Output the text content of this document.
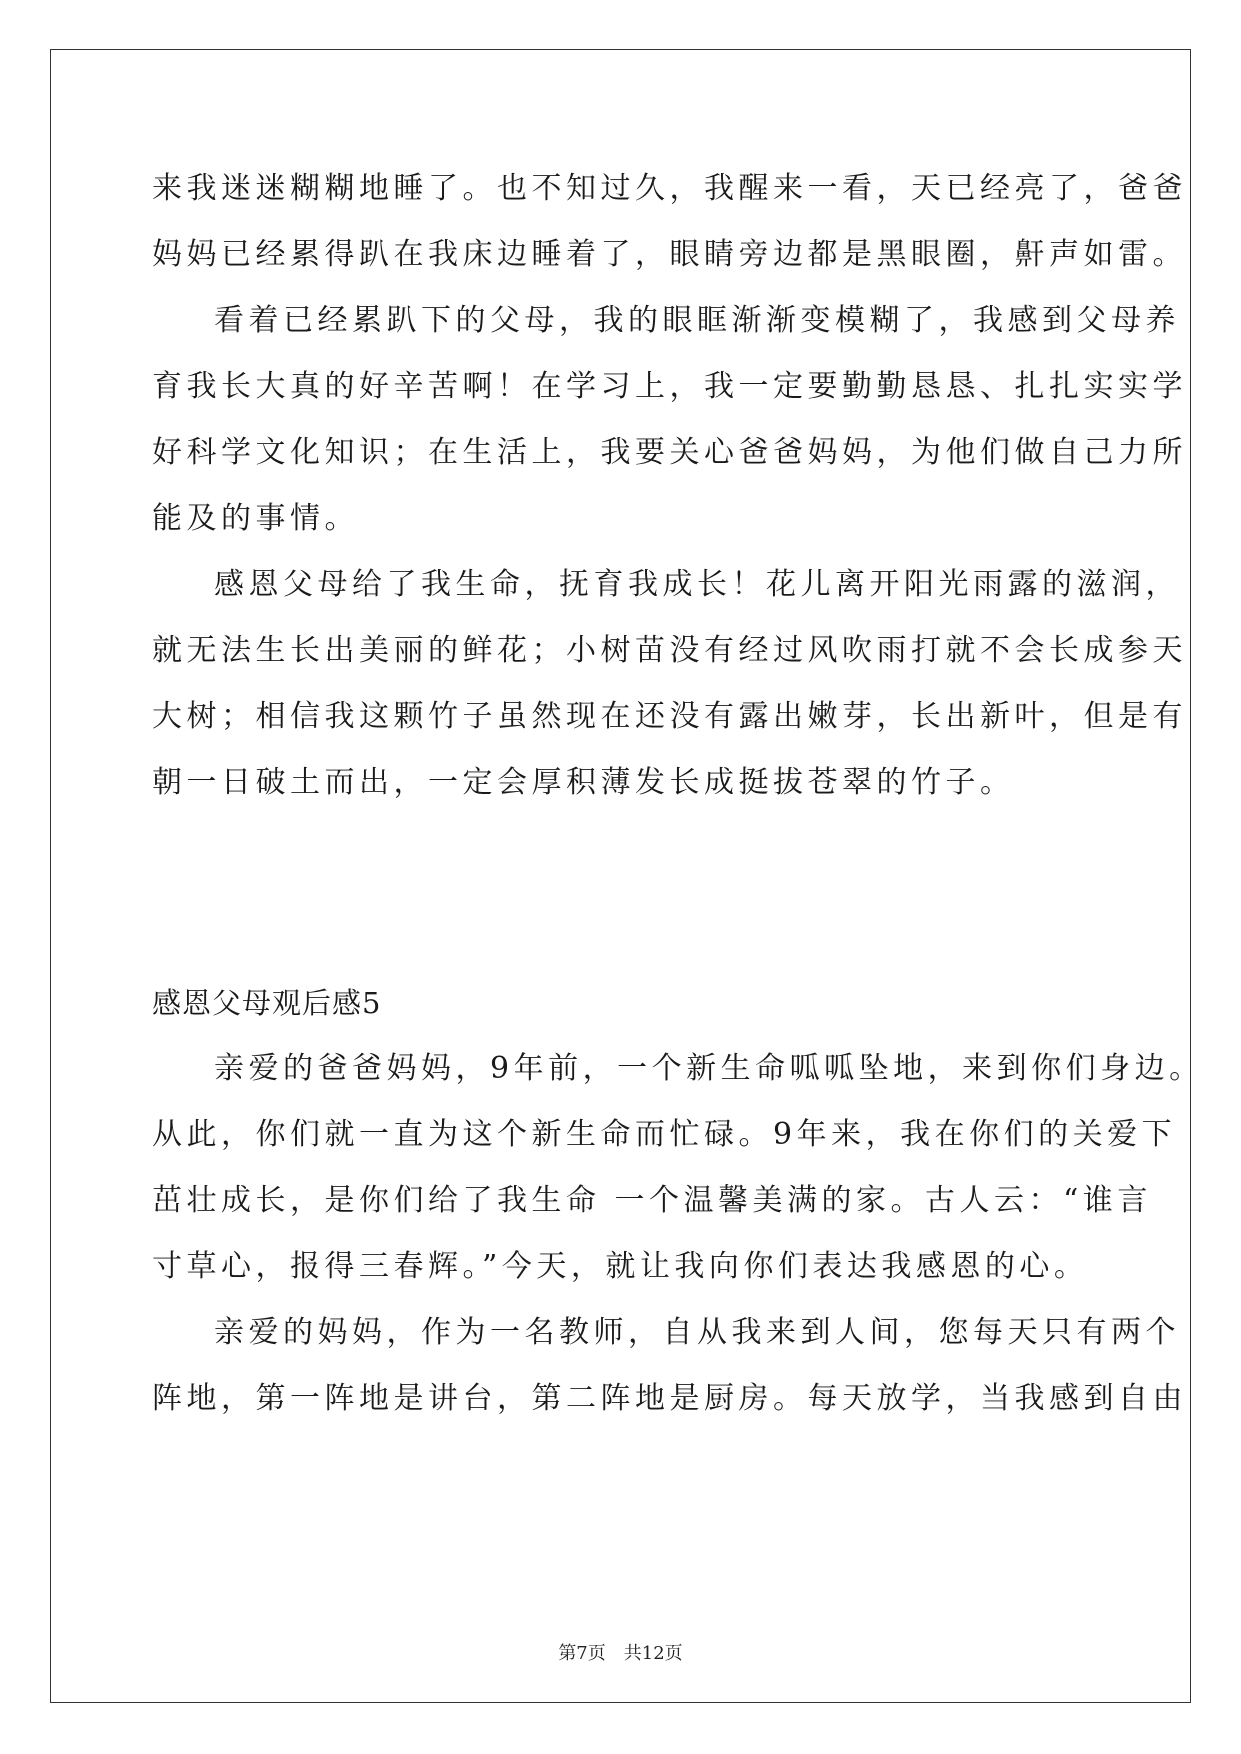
来我迷迷糊糊地睡了。也不知过久，我醒来一看，天已经亮了，爸爸
妈妈已经累得趴在我床边睡着了，眼睛旁边都是黑眼圈，鼾声如雷。
看着已经累趴下的父母，我的眼眶渐渐变模糊了，我感到父母养
育我长大真的好辛苦啊！在学习上，我一定要勤勤恳恳、扎扎实实学
好科学文化知识；在生活上，我要关心爸爸妈妈，为他们做自己力所
能及的事情。
感恩父母给了我生命，抚育我成长！花儿离开阳光雨露的滋润，
就无法生长出美丽的鲜花；小树苗没有经过风吹雨打就不会长成参天
大树；相信我这颗竹子虽然现在还没有露出嫩芽，长出新叶，但是有
朝一日破土而出，一定会厚积薄发长成挺拔苍翠的竹子。
感恩父母观后感5
亲爱的爸爸妈妈，9年前，一个新生命呱呱坠地，来到你们身边。
从此，你们就一直为这个新生命而忙碌。9年来，我在你们的关爱下
茁壮成长，是你们给了我生命 一个温馨美满的家。古人云：“谁言
寸草心，报得三春辉。”今天，就让我向你们表达我感恩的心。
亲爱的妈妈，作为一名教师，自从我来到人间，您每天只有两个
阵地，第一阵地是讲台，第二阵地是厨房。每天放学，当我感到自由
第7页　共12页
